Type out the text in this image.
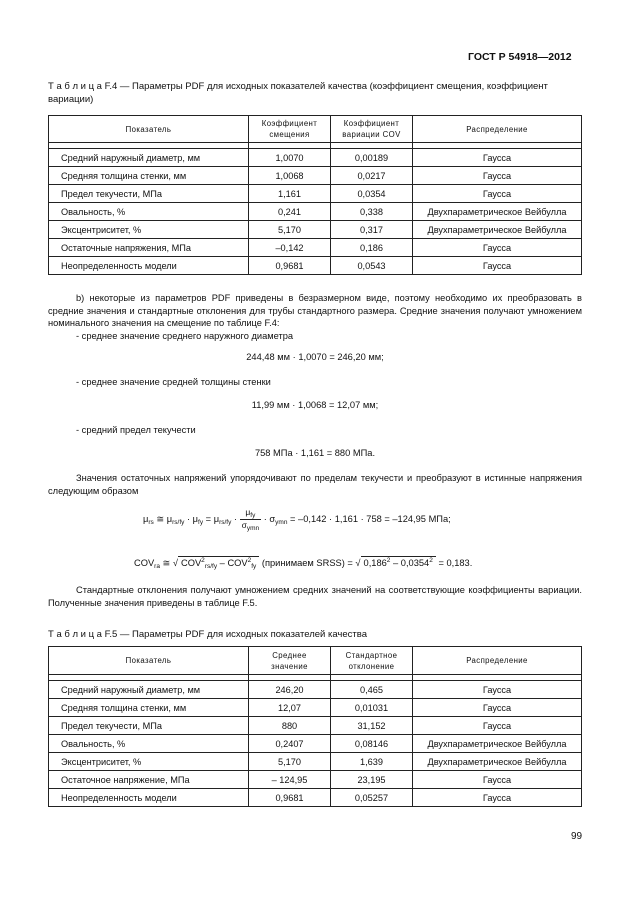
ГОСТ Р 54918—2012
Т а б л и ц а F.4 — Параметры PDF для исходных показателей качества (коэффициент смещения, коэффициент вариации)
Показатель	Коэффициент смещения	Коэффициент вариации COV	Распределение

Средний наружный диаметр, мм	1,0070	0,00189	Гаусса
Средняя толщина стенки, мм	1,0068	0,0217	Гаусса
Предел текучести, МПа	1,161	0,0354	Гаусса
Овальность, %	0,241	0,338	Двухпараметрическое Вейбулла
Эксцентриситет, %	5,170	0,317	Двухпараметрическое Вейбулла
Остаточные напряжения, МПа	–0,142	0,186	Гаусса
Неопределенность модели	0,9681	0,0543	Гаусса
b) некоторые из параметров PDF приведены в безразмерном виде, поэтому необходимо их преобразовать в средние значения и стандартные отклонения для трубы стандартного размера. Средние значения получают умножением номинального значения на смещение по таблице F.4:
- среднее значение среднего наружного диаметра
244,48 мм · 1,0070 = 246,20 мм;
- среднее значение средней толщины стенки
11,99 мм · 1,0068 = 12,07 мм;
- средний предел текучести
758 МПа · 1,161 = 880 МПа.
Значения остаточных напряжений упорядочивают по пределам текучести и преобразуют в истинные напряжения следующим образом
$\mu_{rs}$ ≅ $\mu_{rs/fy} \cdot \mu_{fy} = \mu_{rs/fy} \cdot \frac{\mu_{fy}}{\sigma_{ymn}} \cdot \sigma_{ymn} = -0,142 \cdot 1,161 \cdot 758 = -124,95$ МПа;
$COV_{ra}$ ≅ √ $COV^2_{rs/fy} - COV^2_{fy}$ (принимаем SRSS) = √ $0,186^2 - 0,0354^2 = 0,183$.
Стандартные отклонения получают умножением средних значений на соответствующие коэффициенты вариации. Полученные значения приведены в таблице F.5.
Т а б л и ц а F.5 — Параметры PDF для исходных показателей качества
Показатель	Среднее значение	Стандартное отклонение	Распределение

Средний наружный диаметр, мм	246,20	0,465	Гаусса
Средняя толщина стенки, мм	12,07	0,01031	Гаусса
Предел текучести, МПа	880	31,152	Гаусса
Овальность, %	0,2407	0,08146	Двухпараметрическое Вейбулла
Эксцентриситет, %	5,170	1,639	Двухпараметрическое Вейбулла
Остаточное напряжение, МПа	– 124,95	23,195	Гаусса
Неопределенность модели	0,9681	0,05257	Гаусса
99
